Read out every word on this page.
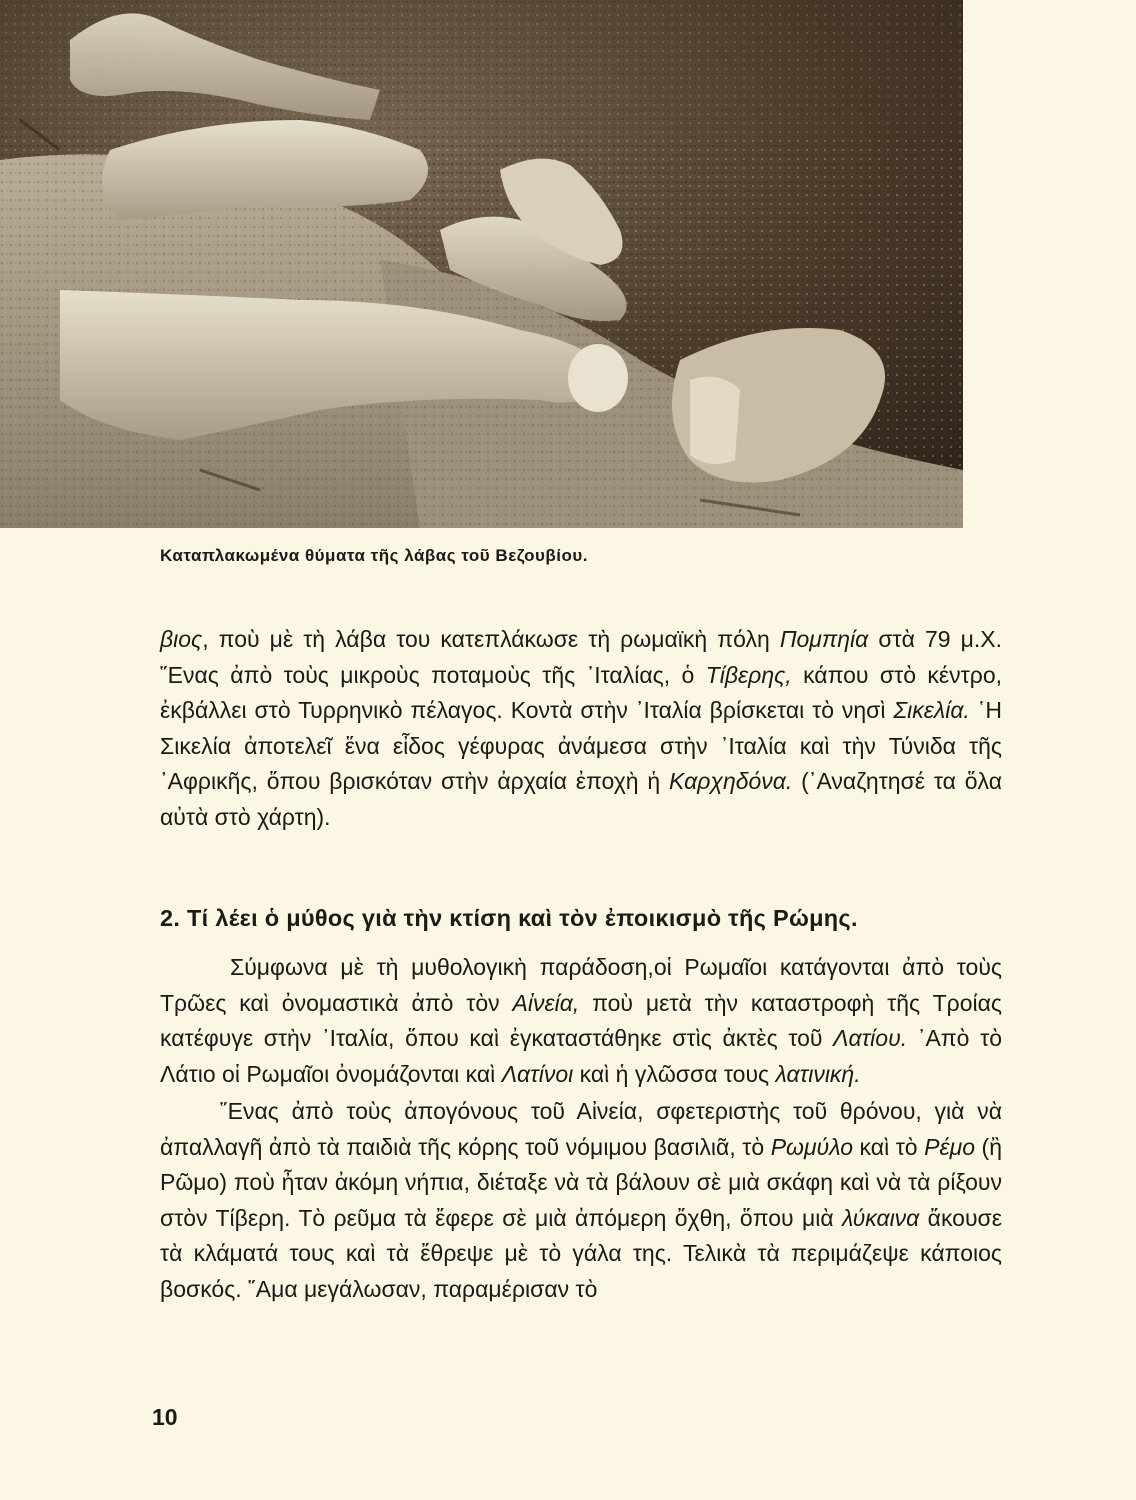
Καταπλακωμένα θύματα τῆς λάβας τοῦ Βεζουβίου.

βιος, ποὺ μὲ τὴ λάβα του κατεπλάκωσε τὴ ρωμαϊκὴ πόλη Πομπηία στὰ 79 μ.Χ. ῞Ενας ἀπὸ τοὺς μικροὺς ποταμοὺς τῆς ᾿Ιταλίας, ὁ Τίβερης, κάπου στὸ κέντρο, ἐκβάλλει στὸ Τυρρηνικὸ πέλαγος. Κοντὰ στὴν ᾿Ιταλία βρίσκεται τὸ νησὶ Σικελία. ῾Η Σικελία ἀποτελεῖ ἕνα εἶδος γέφυρας ἀνάμεσα στὴν ᾿Ιταλία καὶ τὴν Τύνιδα τῆς ᾿Αφρικῆς, ὅπου βρισκόταν στὴν ἀρχαία ἐποχὴ ἡ Καρχηδόνα. (᾿Αναζητησέ τα ὅλα αὐτὰ στὸ χάρτη).

2. Τί λέει ὁ μύθος γιὰ τὴν κτίση καὶ τὸν ἐποικισμὸ τῆς Ρώμης.

Σύμφωνα μὲ τὴ μυθολογικὴ παράδοση,οἱ Ρωμαῖοι κατάγονται ἀπὸ τοὺς Τρῶες καὶ ὀνομαστικὰ ἀπὸ τὸν Αἰνεία, ποὺ μετὰ τὴν καταστροφὴ τῆς Τροίας κατέφυγε στὴν ᾿Ιταλία, ὅπου καὶ ἐγκαταστάθηκε στὶς ἀκτὲς τοῦ Λατίου. ᾿Απὸ τὸ Λάτιο οἱ Ρωμαῖοι ὀνομάζονται καὶ Λατίνοι καὶ ἡ γλῶσσα τους λατινική.

῞Ενας ἀπὸ τοὺς ἀπογόνους τοῦ Αἰνεία, σφετεριστὴς τοῦ θρόνου, γιὰ νὰ ἀπαλλαγῆ ἀπὸ τὰ παιδιὰ τῆς κόρης τοῦ νόμιμου βασιλιᾶ, τὸ Ρωμύλο καὶ τὸ Ρέμο (ἢ Ρῶμο) ποὺ ἦταν ἀκόμη νήπια, διέταξε νὰ τὰ βάλουν σὲ μιὰ σκάφη καὶ νὰ τὰ ρίξουν στὸν Τίβερη. Τὸ ρεῦμα τὰ ἔφερε σὲ μιὰ ἀπόμερη ὄχθη, ὅπου μιὰ λύκαινα ἄκουσε τὰ κλάματά τους καὶ τὰ ἔθρεψε μὲ τὸ γάλα της. Τελικὰ τὰ περιμάζεψε κάποιος βοσκός. ῞Αμα μεγάλωσαν, παραμέρισαν τὸ

10
